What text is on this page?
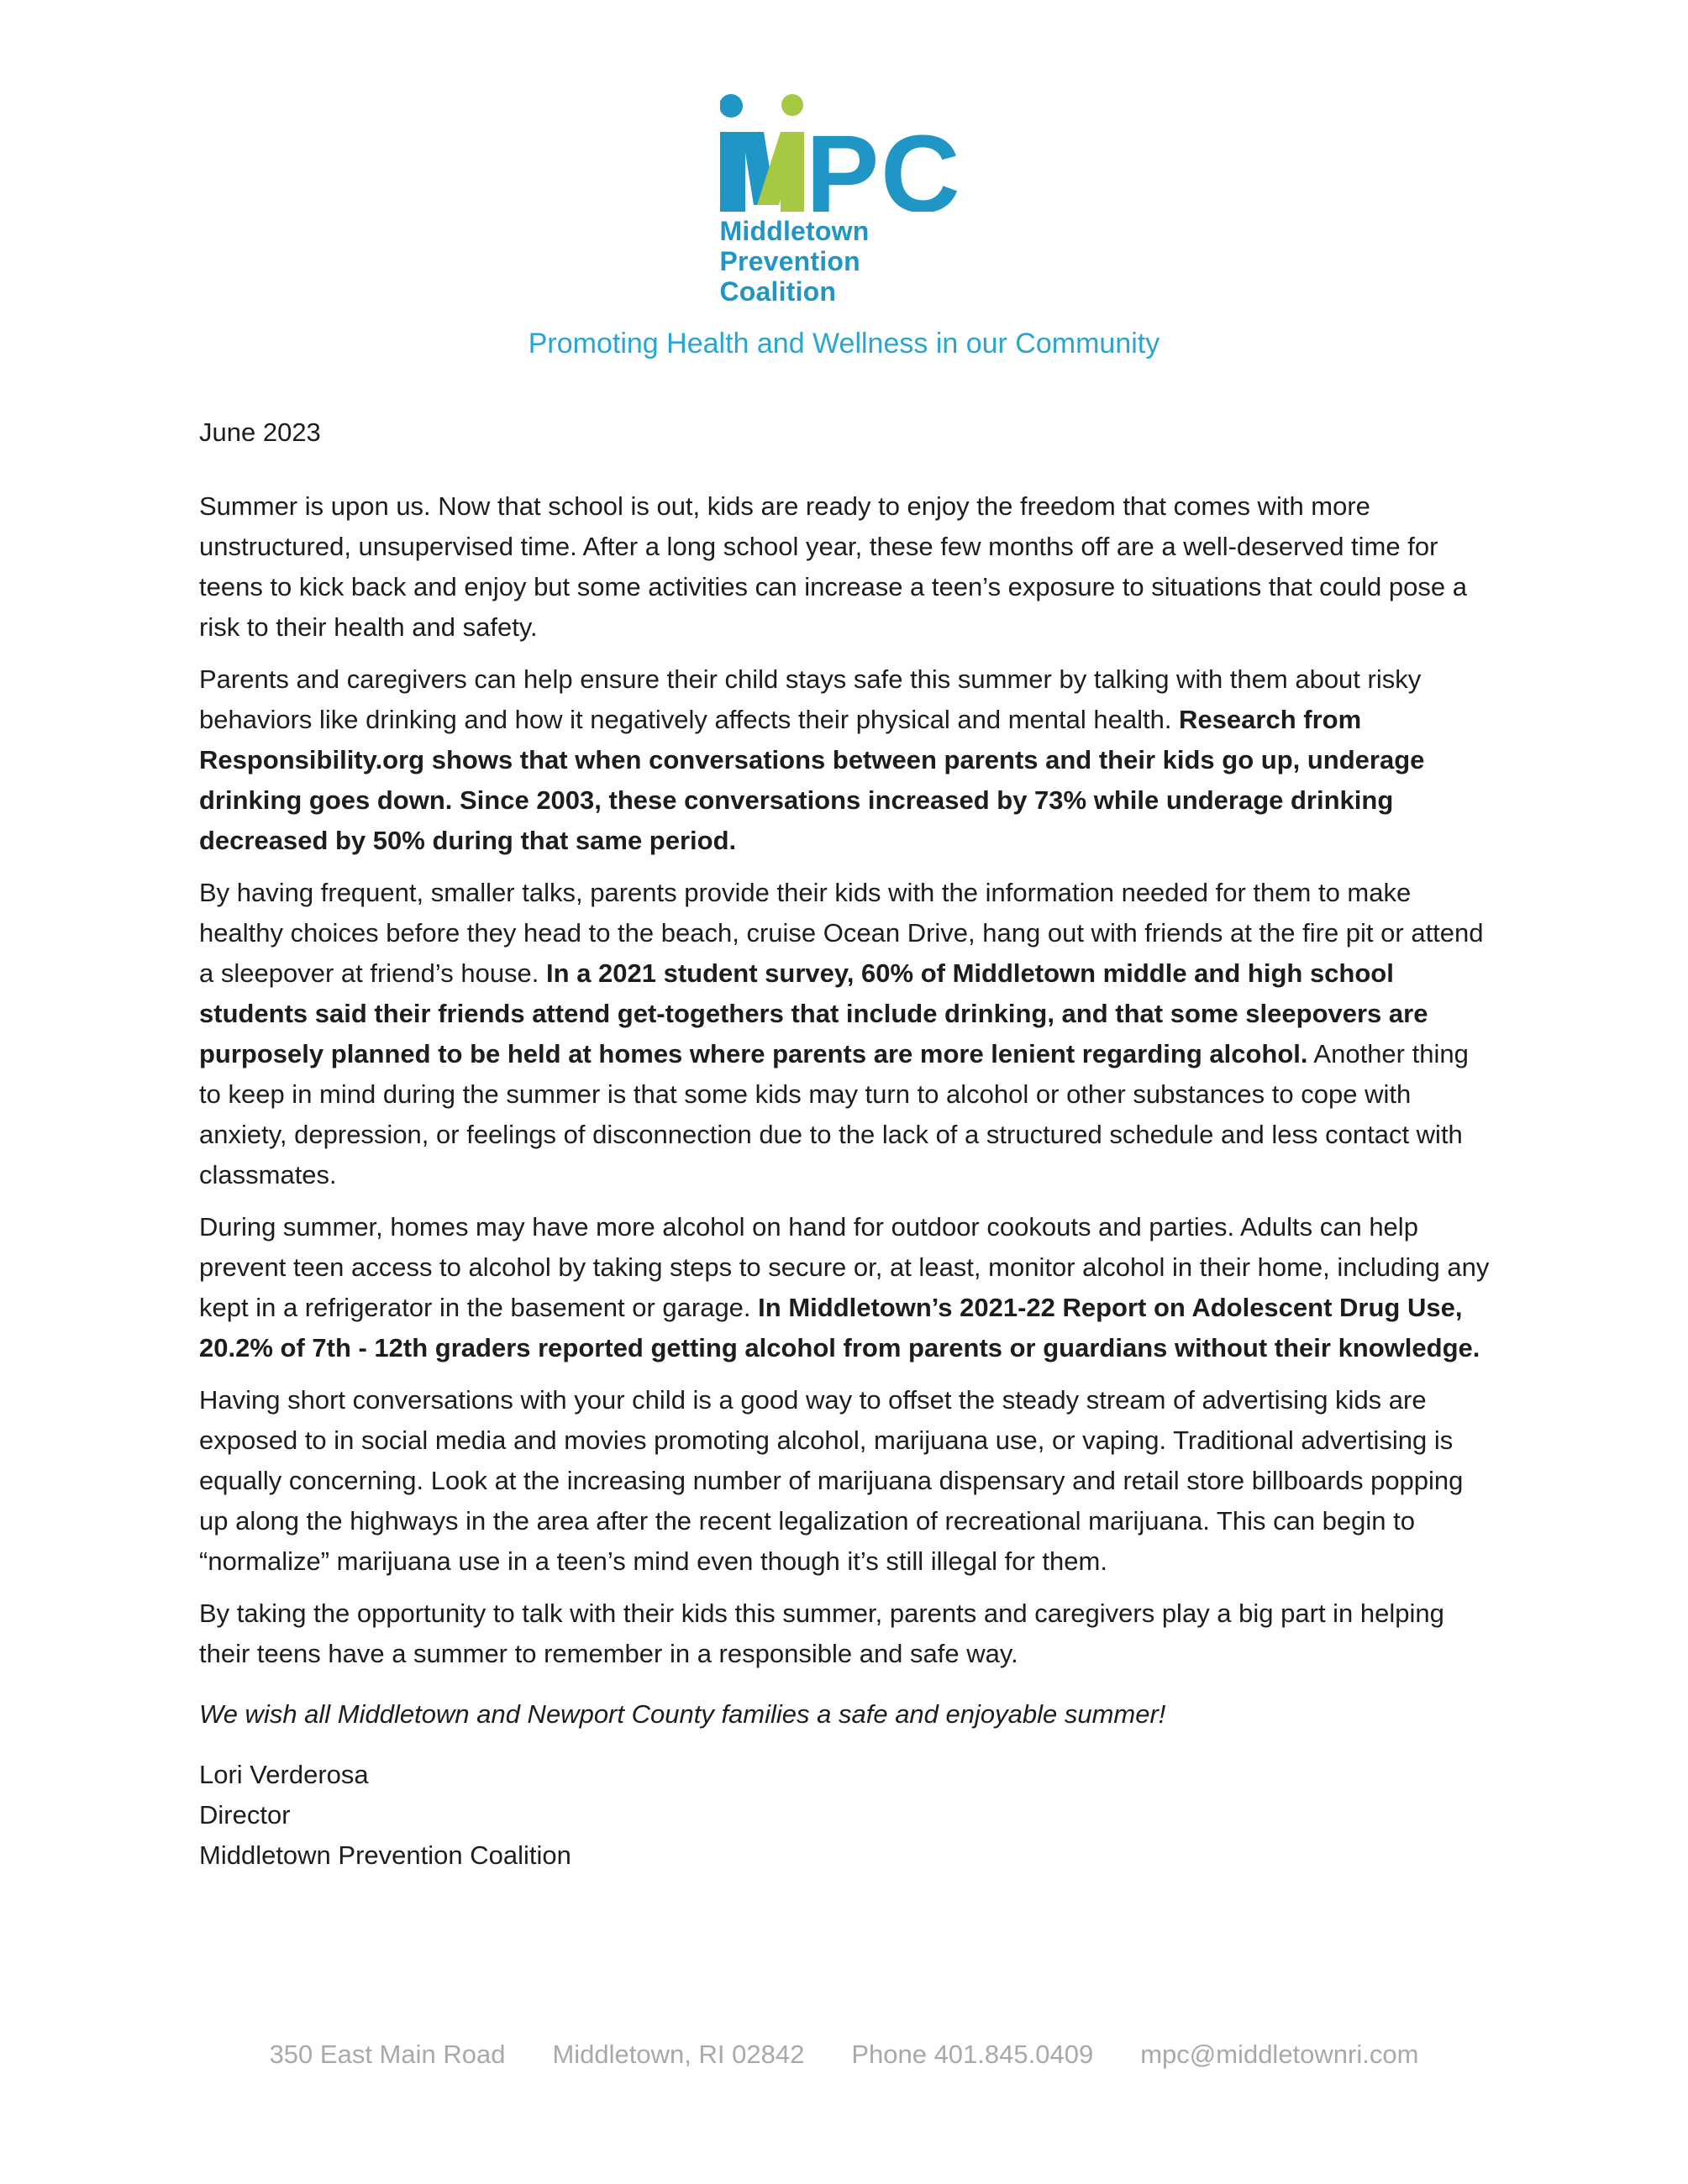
P C
Middletown
Prevention Coalition
Promoting Health and Wellness in our Community
June 2023

Summer is upon us. Now that school is out, kids are ready to enjoy the freedom that comes with more unstructured, unsupervised time. After a long school year, these few months off are a well-deserved time for teens to kick back and enjoy but some activities can increase a teen’s exposure to situations that could pose a risk to their health and safety.

Parents and caregivers can help ensure their child stays safe this summer by talking with them about risky behaviors like drinking and how it negatively affects their physical and mental health. Research from Responsibility.org shows that when conversations between parents and their kids go up, underage drinking goes down. Since 2003, these conversations increased by 73% while underage drinking decreased by 50% during that same period.

By having frequent, smaller talks, parents provide their kids with the information needed for them to make healthy choices before they head to the beach, cruise Ocean Drive, hang out with friends at the fire pit or attend a sleepover at friend’s house. In a 2021 student survey, 60% of Middletown middle and high school students said their friends attend get-togethers that include drinking, and that some sleepovers are purposely planned to be held at homes where parents are more lenient regarding alcohol. Another thing to keep in mind during the summer is that some kids may turn to alcohol or other substances to cope with anxiety, depression, or feelings of disconnection due to the lack of a structured schedule and less contact with classmates.

During summer, homes may have more alcohol on hand for outdoor cookouts and parties. Adults can help prevent teen access to alcohol by taking steps to secure or, at least, monitor alcohol in their home, including any kept in a refrigerator in the basement or garage. In Middletown’s 2021-22 Report on Adolescent Drug Use, 20.2% of 7th - 12th graders reported getting alcohol from parents or guardians without their knowledge.

Having short conversations with your child is a good way to offset the steady stream of advertising kids are exposed to in social media and movies promoting alcohol, marijuana use, or vaping. Traditional advertising is equally concerning. Look at the increasing number of marijuana dispensary and retail store billboards popping up along the highways in the area after the recent legalization of recreational marijuana. This can begin to “normalize” marijuana use in a teen’s mind even though it’s still illegal for them.

By taking the opportunity to talk with their kids this summer, parents and caregivers play a big part in helping their teens have a summer to remember in a responsible and safe way.

We wish all Middletown and Newport County families a safe and enjoyable summer!

Lori Verderosa
Director
Middletown Prevention Coalition
350 East Main Road Middletown, RI 02842 Phone 401.845.0409 mpc@middletownri.com
